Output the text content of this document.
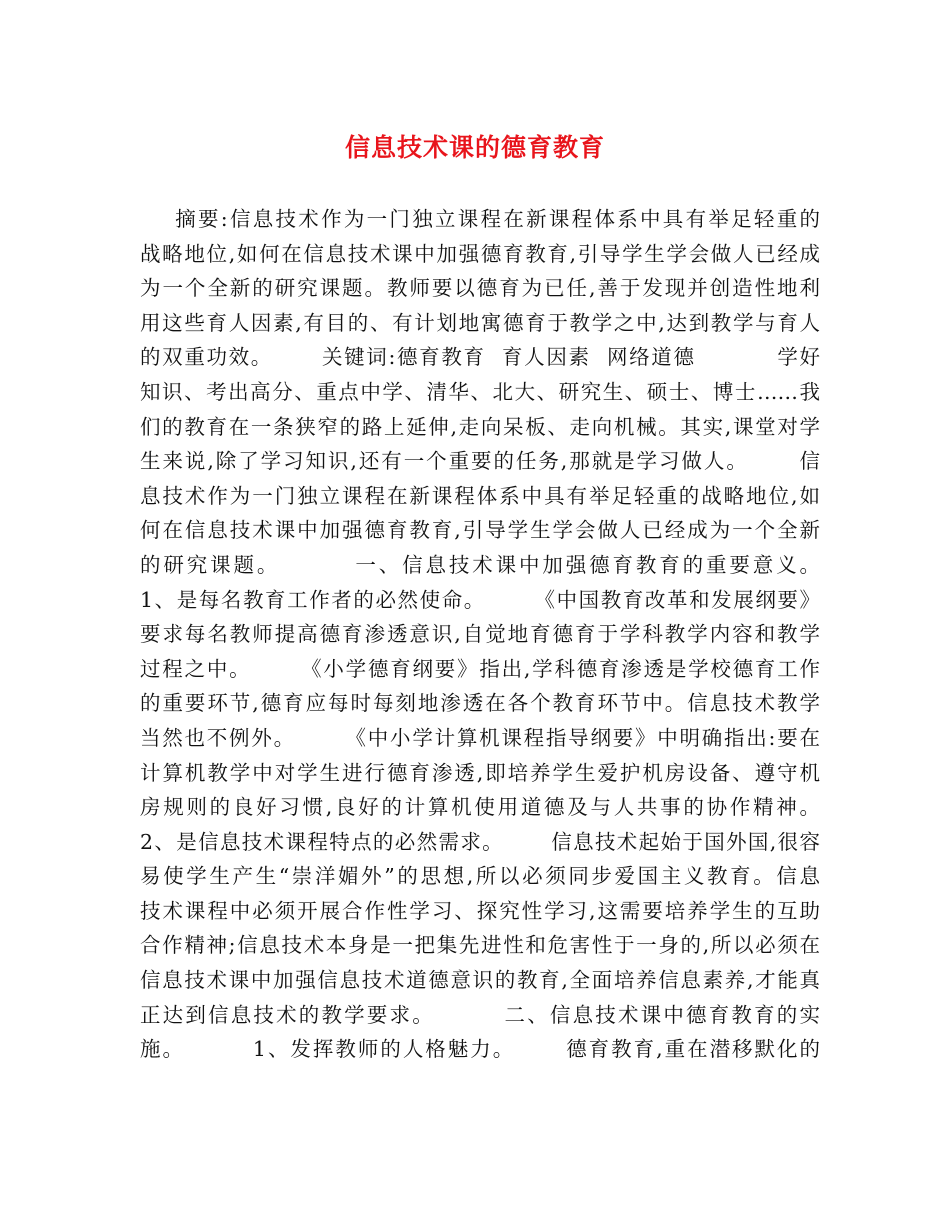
信息技术课的德育教育
摘要:信息技术作为一门独立课程在新课程体系中具有举足轻重的
战略地位,如何在信息技术课中加强德育教育,引导学生学会做人已经成
为一个全新的研究课题。教师要以德育为已任,善于发现并创造性地利
用这些育人因素,有目的、有计划地寓德育于教学之中,达到教学与育人
的双重功效。      关键词:德育教育  育人因素  网络道德          学好
知识、考出高分、重点中学、清华、北大、研究生、硕士、博士……我
们的教育在一条狭窄的路上延伸,走向呆板、走向机械。其实,课堂对学
生来说,除了学习知识,还有一个重要的任务,那就是学习做人。      信
息技术作为一门独立课程在新课程体系中具有举足轻重的战略地位,如
何在信息技术课中加强德育教育,引导学生学会做人已经成为一个全新
的研究课题。        一、信息技术课中加强德育教育的重要意义。
1、是每名教育工作者的必然使命。      《中国教育改革和发展纲要》
要求每名教师提高德育渗透意识,自觉地育德育于学科教学内容和教学
过程之中。      《小学德育纲要》指出,学科德育渗透是学校德育工作
的重要环节,德育应每时每刻地渗透在各个教育环节中。信息技术教学
当然也不例外。      《中小学计算机课程指导纲要》中明确指出:要在
计算机教学中对学生进行德育渗透,即培养学生爱护机房设备、遵守机
房规则的良好习惯,良好的计算机使用道德及与人共事的协作精神。
2、是信息技术课程特点的必然需求。      信息技术起始于国外国,很容
易使学生产生“崇洋媚外”的思想,所以必须同步爱国主义教育。信息
技术课程中必须开展合作性学习、探究性学习,这需要培养学生的互助
合作精神;信息技术本身是一把集先进性和危害性于一身的,所以必须在
信息技术课中加强信息技术道德意识的教育,全面培养信息素养,才能真
正达到信息技术的教学要求。        二、信息技术课中德育教育的实
施。        1、发挥教师的人格魅力。      德育教育,重在潜移默化的
